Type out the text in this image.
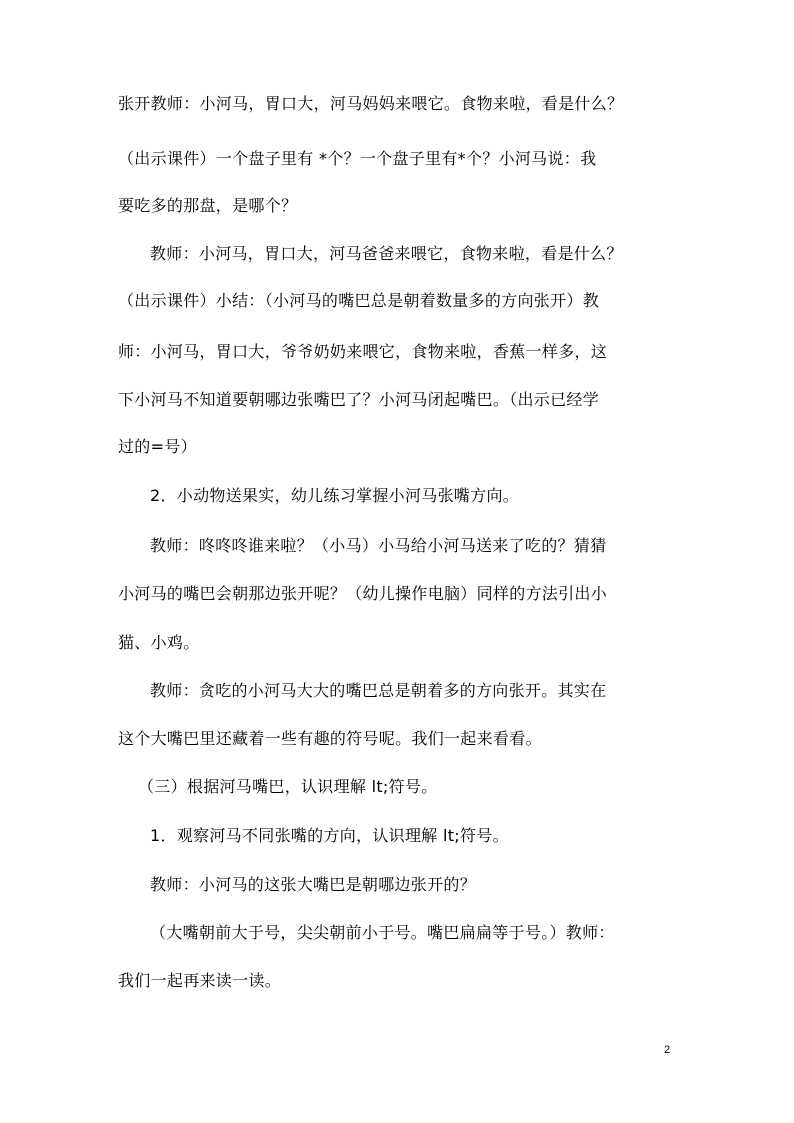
张开教师：小河马，胃口大，河马妈妈来喂它。食物来啦，看是什么？
（出示课件）一个盘子里有 *个？一个盘子里有*个？小河马说：我
要吃多的那盘，是哪个？
教师：小河马，胃口大，河马爸爸来喂它，食物来啦，看是什么？
（出示课件）小结：（小河马的嘴巴总是朝着数量多的方向张开）教
师：小河马，胃口大，爷爷奶奶来喂它，食物来啦，香蕉一样多，这
下小河马不知道要朝哪边张嘴巴了？小河马闭起嘴巴。（出示已经学
过的=号）
2．小动物送果实，幼儿练习掌握小河马张嘴方向。
教师：咚咚咚谁来啦？（小马）小马给小河马送来了吃的？猜猜
小河马的嘴巴会朝那边张开呢？（幼儿操作电脑）同样的方法引出小
猫、小鸡。
教师：贪吃的小河马大大的嘴巴总是朝着多的方向张开。其实在
这个大嘴巴里还藏着一些有趣的符号呢。我们一起来看看。
（三）根据河马嘴巴，认识理解 lt;符号。
1．观察河马不同张嘴的方向，认识理解 lt;符号。
教师：小河马的这张大嘴巴是朝哪边张开的？
（大嘴朝前大于号，尖尖朝前小于号。嘴巴扁扁等于号。）教师：
我们一起再来读一读。
2
